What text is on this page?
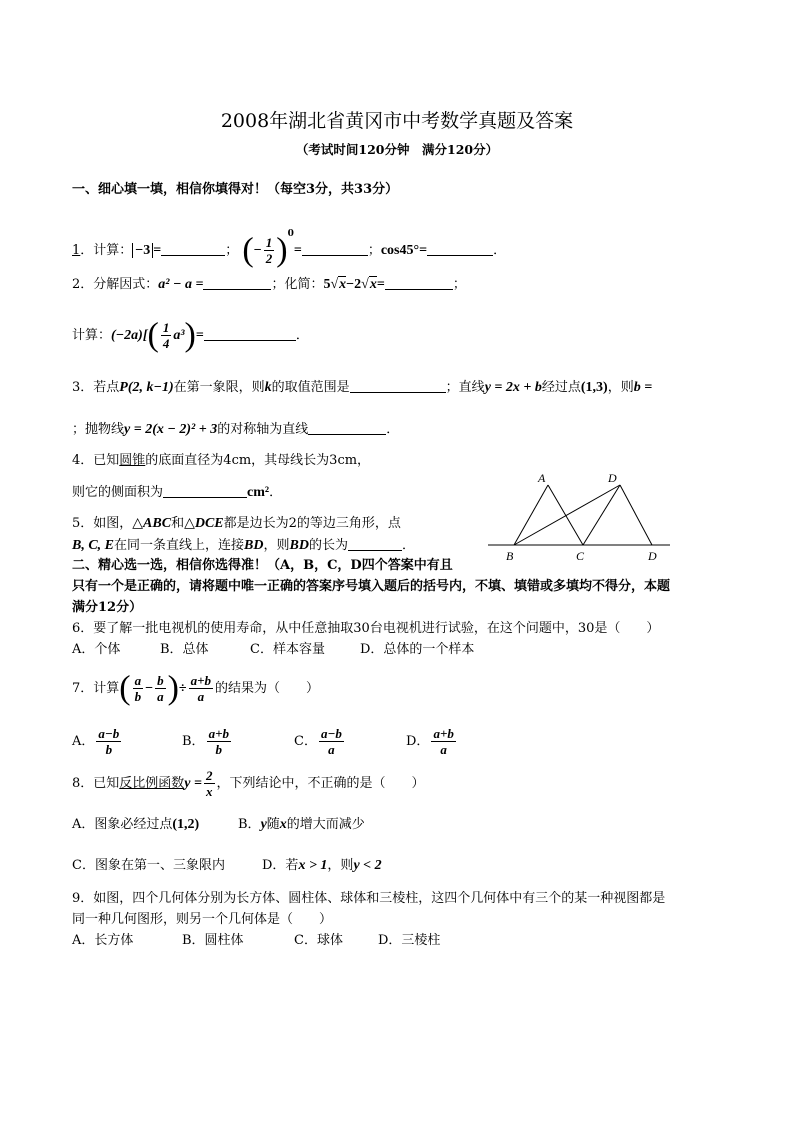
2008年湖北省黄冈市中考数学真题及答案
（考试时间120分钟　满分120分）
一、细心填一填，相信你填得对！（每空3分，共33分）
1．计算： −3 =	； (− $\frac{1}{2} )^0=$	；cos45°=	．
2．分解因式：a² − a =	；化简：5√x−2√x=	；
计算：$(-2a)[( \frac{1}{4} a^3)=$	．
3．若点P(2, k−1)在第一象限，则k的取值范围是	；直线y = 2x + b经过点(1,3)，则b =
；抛物线y = 2(x − 2)² + 3的对称轴为直线	．
4．已知圆锥的底面直径为4cm，其母线长为3cm，
则它的侧面积为	cm²．
5．如图，△ABC和△DCE都是边长为2的等边三角形，点
B, C, E在同一条直线上，连接BD，则BD的长为	．
A	D
B	C	D
二、精心选一选，相信你选得准！（A，B，C，D四个答案中有且
只有一个是正确的，请将题中唯一正确的答案序号填入题后的括号内，不填、填错或多填均不得分，本题
满分12分）
6．要了解一批电视机的使用寿命，从中任意抽取30台电视机进行试验，在这个问题中，30是（　　）
A．个体	B．总体	C．样本容量	D．总体的一个样本
7．计算( $\frac{a}{b} - \frac{b}{a}$ )÷ $\frac{a+b}{a}$ 的结果为（　　）
A． $\frac{a-b}{b}$	B． $\frac{a+b}{b}$	C． $\frac{a-b}{a}$	D． $\frac{a+b}{a}$
8．已知反比例函数$y = \frac{2}{x}$ ，下列结论中，不正确的是（　　）
A．图象必经过点(1,2)	B．y随x的增大而减少
C．图象在第一、三象限内	D．若x > 1，则y < 2
9．如图，四个几何体分别为长方体、圆柱体、球体和三棱柱，这四个几何体中有三个的某一种视图都是
同一种几何图形，则另一个几何体是（　　）
A．长方体	B．圆柱体	C．球体	D．三棱柱
